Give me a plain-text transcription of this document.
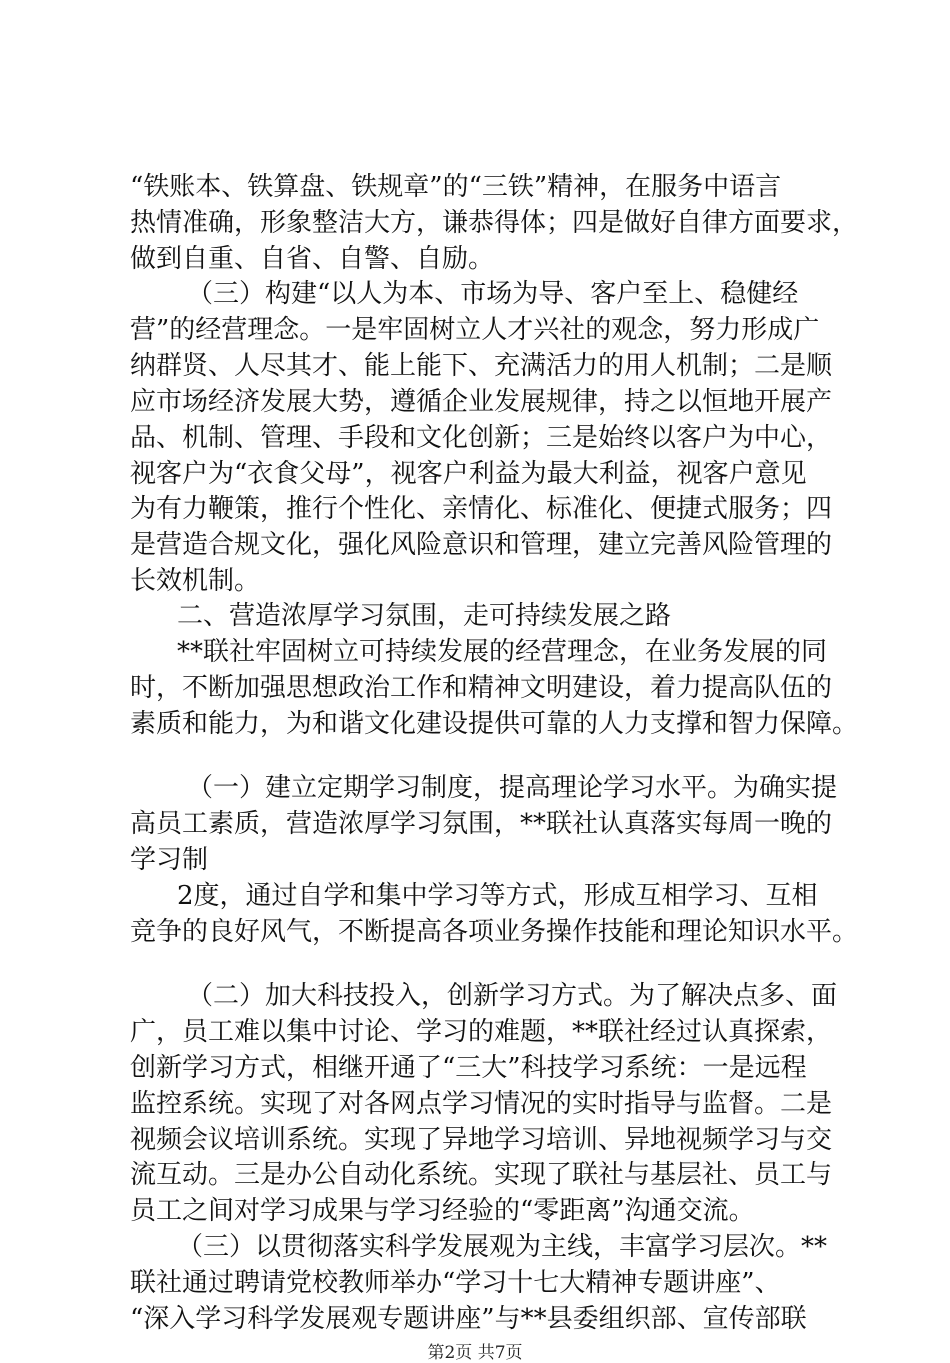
“铁账本、铁算盘、铁规章”的“三铁”精神，在服务中语言
热情准确，形象整洁大方，谦恭得体；四是做好自律方面要求，
做到自重、自省、自警、自励。
（三）构建“以人为本、市场为导、客户至上、稳健经
营”的经营理念。一是牢固树立人才兴社的观念，努力形成广
纳群贤、人尽其才、能上能下、充满活力的用人机制；二是顺
应市场经济发展大势，遵循企业发展规律，持之以恒地开展产
品、机制、管理、手段和文化创新；三是始终以客户为中心，
视客户为“衣食父母”，视客户利益为最大利益，视客户意见
为有力鞭策，推行个性化、亲情化、标准化、便捷式服务；四
是营造合规文化，强化风险意识和管理，建立完善风险管理的
长效机制。
二、营造浓厚学习氛围，走可持续发展之路
**联社牢固树立可持续发展的经营理念，在业务发展的同
时，不断加强思想政治工作和精神文明建设，着力提高队伍的
素质和能力，为和谐文化建设提供可靠的人力支撑和智力保障。
（一）建立定期学习制度，提高理论学习水平。为确实提
高员工素质，营造浓厚学习氛围，**联社认真落实每周一晚的
学习制
2度，通过自学和集中学习等方式，形成互相学习、互相
竞争的良好风气，不断提高各项业务操作技能和理论知识水平。
（二）加大科技投入，创新学习方式。为了解决点多、面
广，员工难以集中讨论、学习的难题，**联社经过认真探索，
创新学习方式，相继开通了“三大”科技学习系统：一是远程
监控系统。实现了对各网点学习情况的实时指导与监督。二是
视频会议培训系统。实现了异地学习培训、异地视频学习与交
流互动。三是办公自动化系统。实现了联社与基层社、员工与
员工之间对学习成果与学习经验的“零距离”沟通交流。
（三）以贯彻落实科学发展观为主线，丰富学习层次。**
联社通过聘请党校教师举办“学习十七大精神专题讲座”、
“深入学习科学发展观专题讲座”与**县委组织部、宣传部联
第2页 共7页
